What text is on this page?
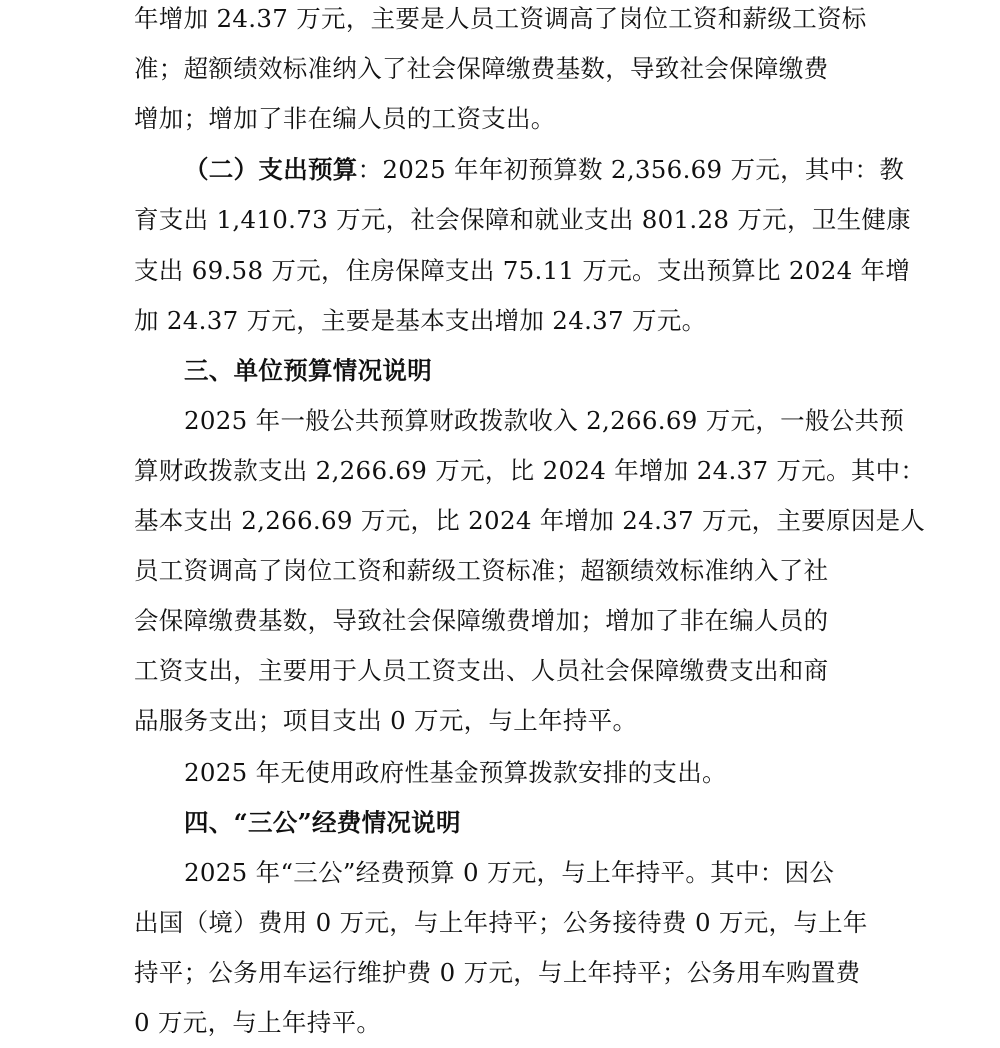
年增加 24.37 万元，主要是人员工资调高了岗位工资和薪级工资标
准；超额绩效标准纳入了社会保障缴费基数，导致社会保障缴费
增加；增加了非在编人员的工资支出。
（二）支出预算：2025 年年初预算数 2,356.69 万元，其中：教
育支出 1,410.73 万元，社会保障和就业支出 801.28 万元，卫生健康
支出 69.58 万元，住房保障支出 75.11 万元。支出预算比 2024 年增
加 24.37 万元，主要是基本支出增加 24.37 万元。
三、单位预算情况说明
2025 年一般公共预算财政拨款收入 2,266.69 万元，一般公共预
算财政拨款支出 2,266.69 万元，比 2024 年增加 24.37 万元。其中：
基本支出 2,266.69 万元，比 2024 年增加 24.37 万元，主要原因是人
员工资调高了岗位工资和薪级工资标准；超额绩效标准纳入了社
会保障缴费基数，导致社会保障缴费增加；增加了非在编人员的
工资支出，主要用于人员工资支出、人员社会保障缴费支出和商
品服务支出；项目支出 0 万元，与上年持平。
2025 年无使用政府性基金预算拨款安排的支出。
四、“三公”经费情况说明
2025 年“三公”经费预算 0 万元，与上年持平。其中：因公
出国（境）费用 0 万元，与上年持平；公务接待费 0 万元，与上年
持平；公务用车运行维护费 0 万元，与上年持平；公务用车购置费
0 万元，与上年持平。
